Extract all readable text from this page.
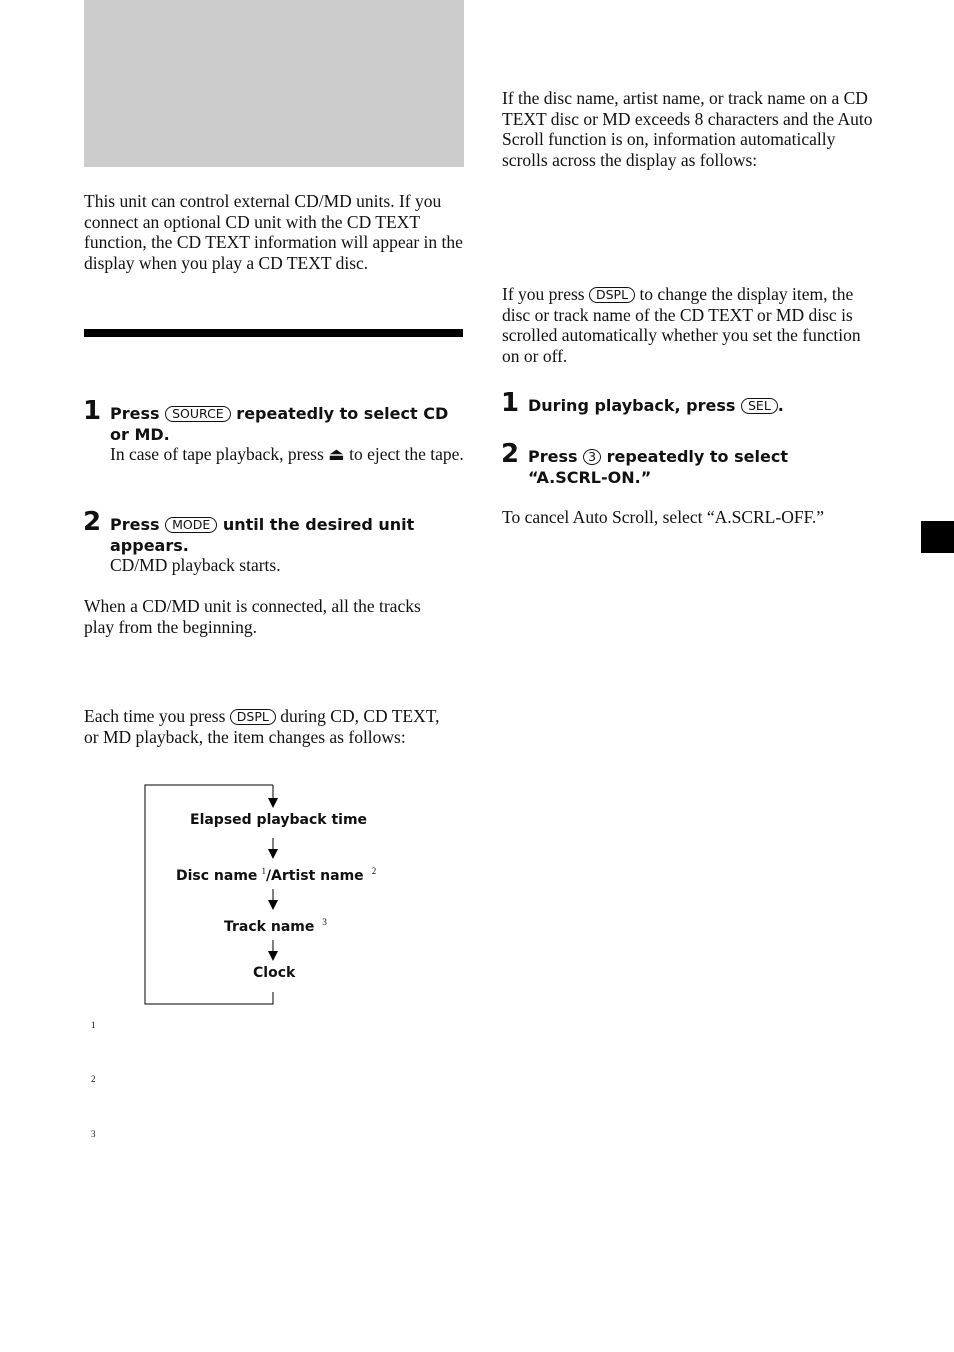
This unit can control external CD/MD units. If you connect an optional CD unit with the CD TEXT function, the CD TEXT information will appear in the display when you play a CD TEXT disc.
1 Press SOURCE repeatedly to select CD or MD.
In case of tape playback, press ⏏ to eject the tape.
2 Press MODE until the desired unit appears.
CD/MD playback starts.
When a CD/MD unit is connected, all the tracks play from the beginning.
Each time you press DSPL during CD, CD TEXT, or MD playback, the item changes as follows:
Elapsed playback time
Disc name $^1$/Artist name $^2$
Track name $^3$
Clock
1
2
3
If the disc name, artist name, or track name on a CD TEXT disc or MD exceeds 8 characters and the Auto Scroll function is on, information automatically scrolls across the display as follows:
If you press DSPL to change the display item, the disc or track name of the CD TEXT or MD disc is scrolled automatically whether you set the function on or off.
1 During playback, press SEL .
2 Press 3 repeatedly to select
“A.SCRL-ON.”
To cancel Auto Scroll, select “A.SCRL-OFF.”
